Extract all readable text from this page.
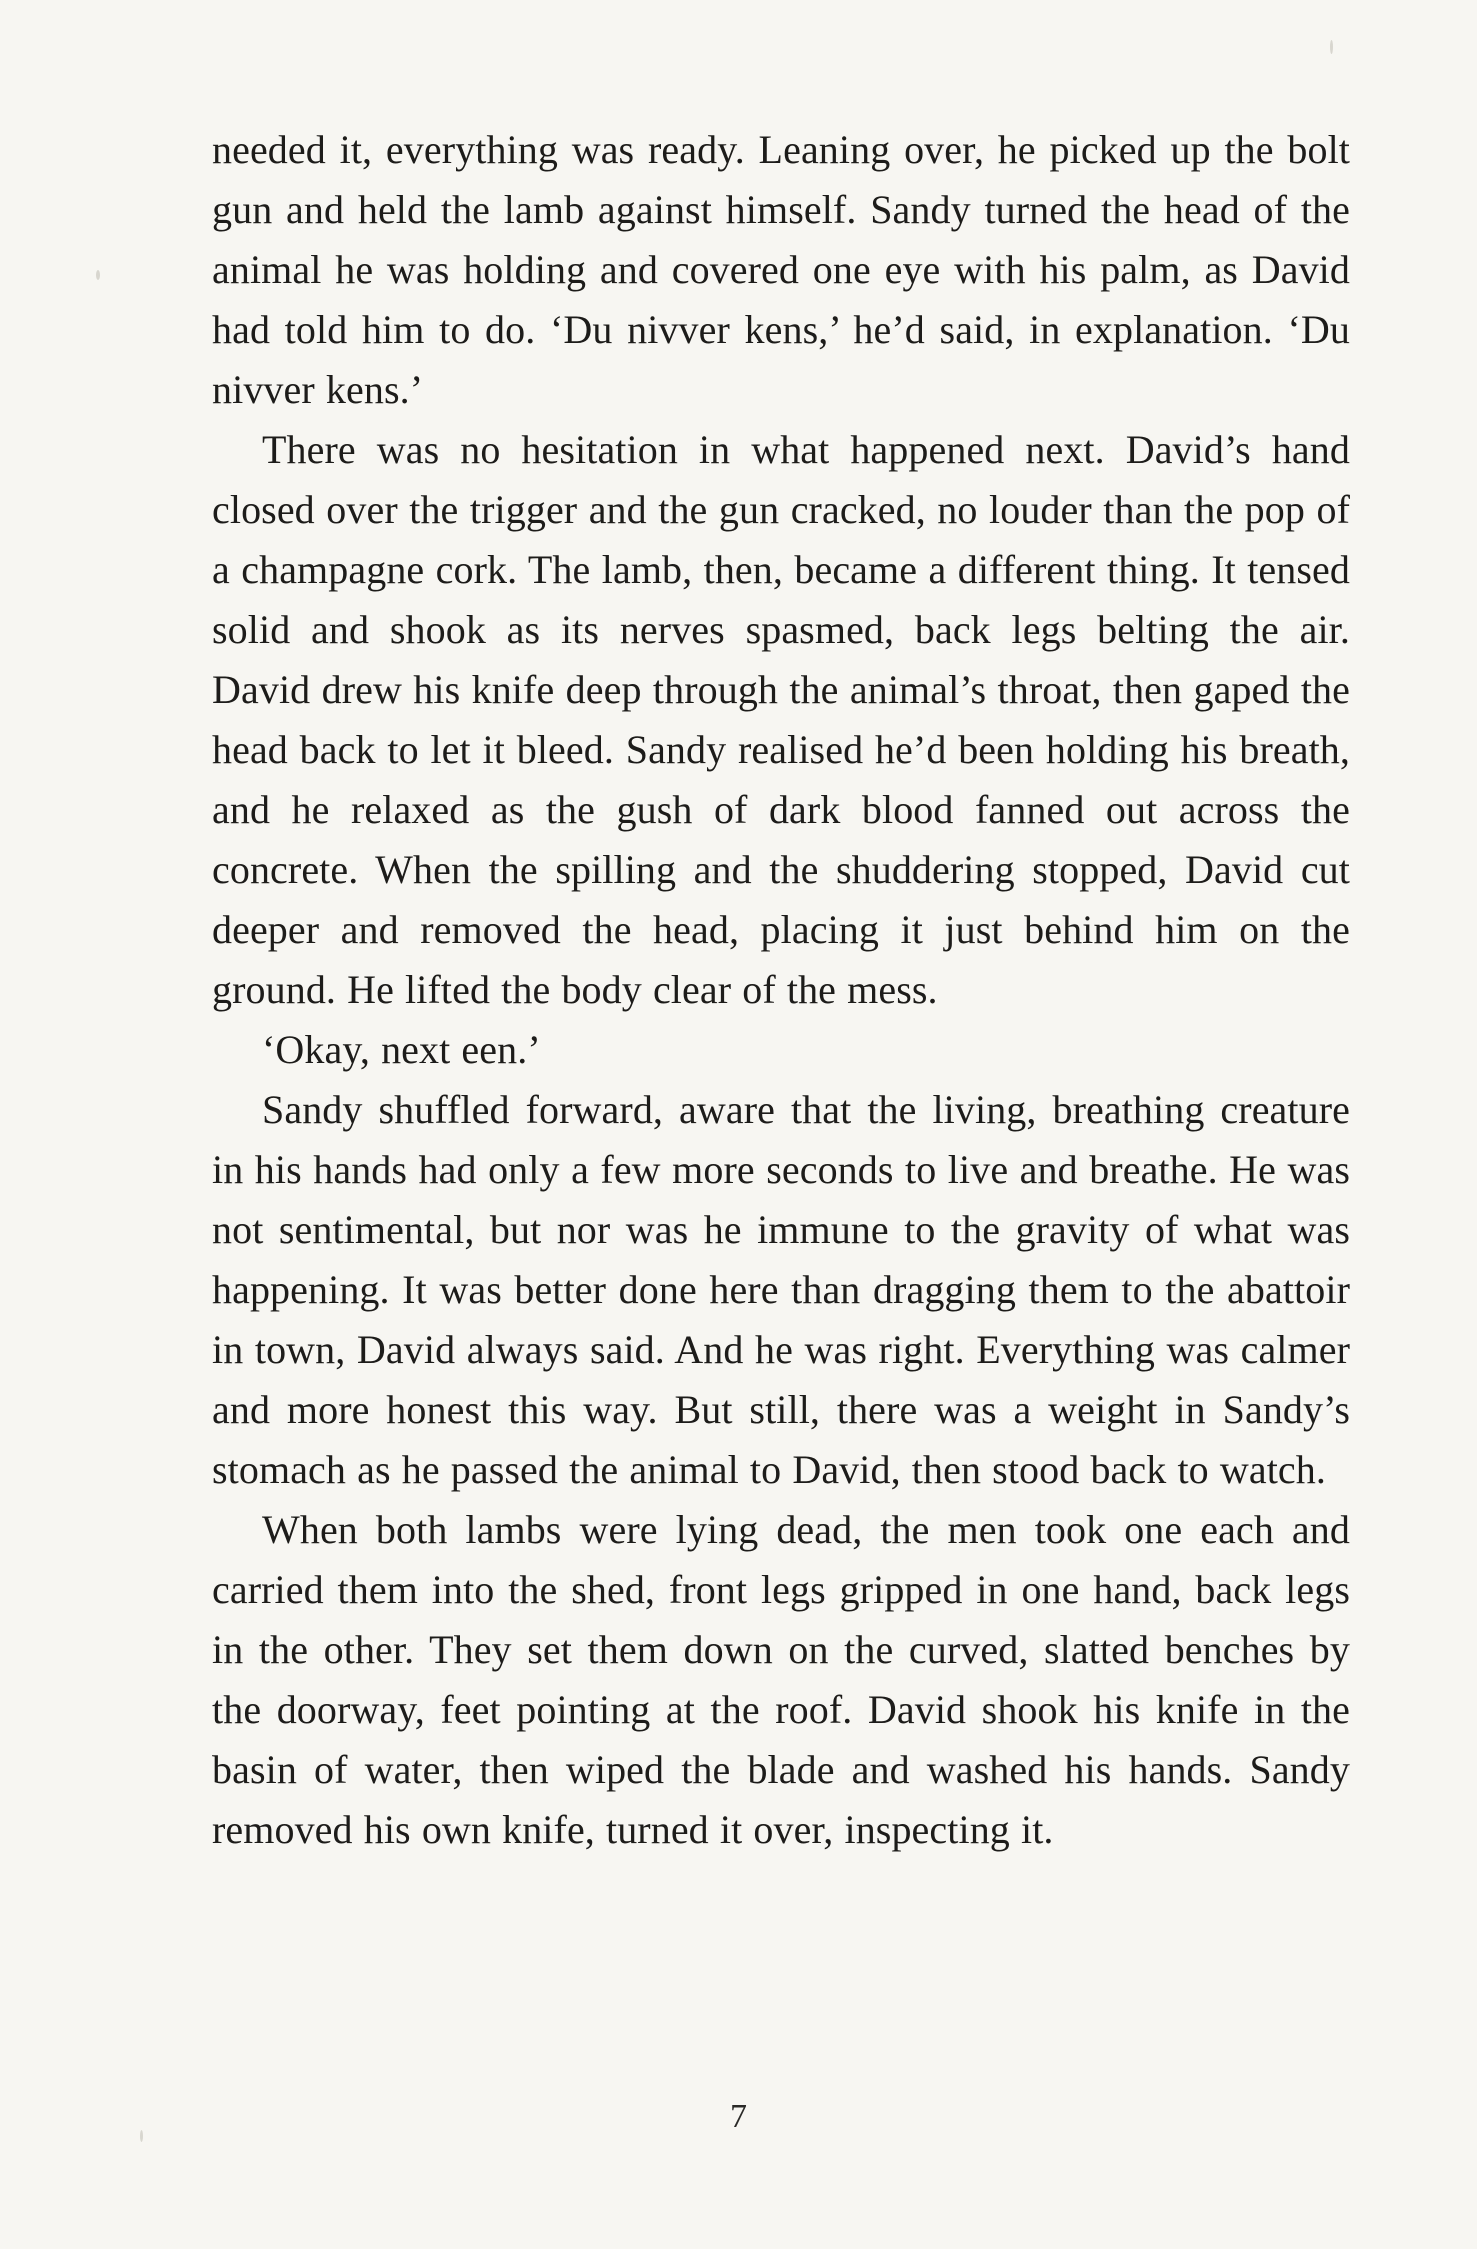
needed it, everything was ready. Leaning over, he picked up the bolt gun and held the lamb against himself. Sandy turned the head of the animal he was holding and covered one eye with his palm, as David had told him to do. ‘Du nivver kens,’ he’d said, in explanation. ‘Du nivver kens.’

There was no hesitation in what happened next. David’s hand closed over the trigger and the gun cracked, no louder than the pop of a champagne cork. The lamb, then, became a different thing. It tensed solid and shook as its nerves spasmed, back legs belting the air. David drew his knife deep through the animal’s throat, then gaped the head back to let it bleed. Sandy realised he’d been holding his breath, and he relaxed as the gush of dark blood fanned out across the concrete. When the spilling and the shuddering stopped, David cut deeper and removed the head, placing it just behind him on the ground. He lifted the body clear of the mess.

‘Okay, next een.’

Sandy shuffled forward, aware that the living, breathing creature in his hands had only a few more seconds to live and breathe. He was not sentimental, but nor was he immune to the gravity of what was happening. It was better done here than dragging them to the abattoir in town, David always said. And he was right. Everything was calmer and more honest this way. But still, there was a weight in Sandy’s stomach as he passed the animal to David, then stood back to watch.

When both lambs were lying dead, the men took one each and carried them into the shed, front legs gripped in one hand, back legs in the other. They set them down on the curved, slatted benches by the doorway, feet pointing at the roof. David shook his knife in the basin of water, then wiped the blade and washed his hands. Sandy removed his own knife, turned it over, inspecting it.

7
